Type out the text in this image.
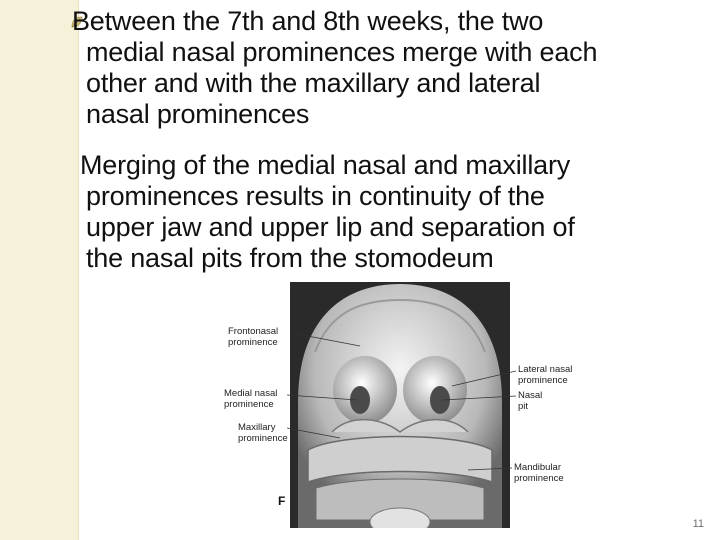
Between the 7th and 8th weeks, the two
medial nasal prominences merge with each
other and with the maxillary and lateral
nasal prominences
Merging of the medial nasal and maxillary
prominences results in continuity of the
upper jaw and upper lip and separation of
the nasal pits from the stomodeum
Frontonasal
prominence
Medial nasal
prominence
Maxillary
prominence
Lateral nasal
prominence
Nasal
pit
Mandibular
prominence
F
11
